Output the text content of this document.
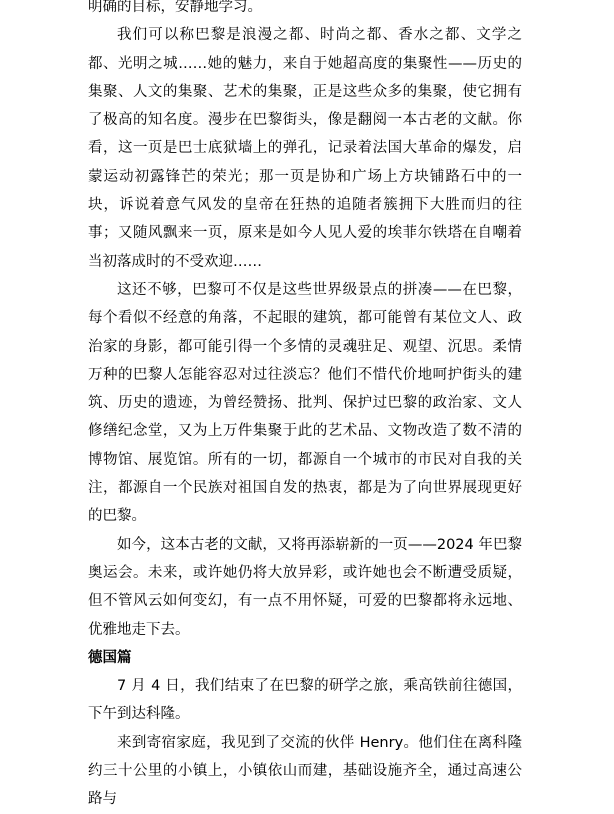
明确的目标，安静地学习。

我们可以称巴黎是浪漫之都、时尚之都、香水之都、文学之都、光明之城……她的魅力，来自于她超高度的集聚性——历史的集聚、人文的集聚、艺术的集聚，正是这些众多的集聚，使它拥有了极高的知名度。漫步在巴黎街头，像是翻阅一本古老的文献。你看，这一页是巴士底狱墙上的弹孔，记录着法国大革命的爆发，启蒙运动初露锋芒的荣光；那一页是协和广场上方块铺路石中的一块，诉说着意气风发的皇帝在狂热的追随者簇拥下大胜而归的往事；又随风飘来一页，原来是如今人见人爱的埃菲尔铁塔在自嘲着当初落成时的不受欢迎……

这还不够，巴黎可不仅是这些世界级景点的拼凑——在巴黎，每个看似不经意的角落，不起眼的建筑，都可能曾有某位文人、政治家的身影，都可能引得一个多情的灵魂驻足、观望、沉思。柔情万种的巴黎人怎能容忍对过往淡忘？他们不惜代价地呵护街头的建筑、历史的遗迹，为曾经赞扬、批判、保护过巴黎的政治家、文人修缮纪念堂，又为上万件集聚于此的艺术品、文物改造了数不清的博物馆、展览馆。所有的一切，都源自一个城市的市民对自我的关注，都源自一个民族对祖国自发的热衷，都是为了向世界展现更好的巴黎。

如今，这本古老的文献，又将再添崭新的一页——2024 年巴黎奥运会。未来，或许她仍将大放异彩，或许她也会不断遭受质疑，但不管风云如何变幻，有一点不用怀疑，可爱的巴黎都将永远地、优雅地走下去。

德国篇

7 月 4 日，我们结束了在巴黎的研学之旅，乘高铁前往德国，下午到达科隆。

来到寄宿家庭，我见到了交流的伙伴 Henry。他们住在离科隆约三十公里的小镇上，小镇依山而建，基础设施齐全，通过高速公路与
